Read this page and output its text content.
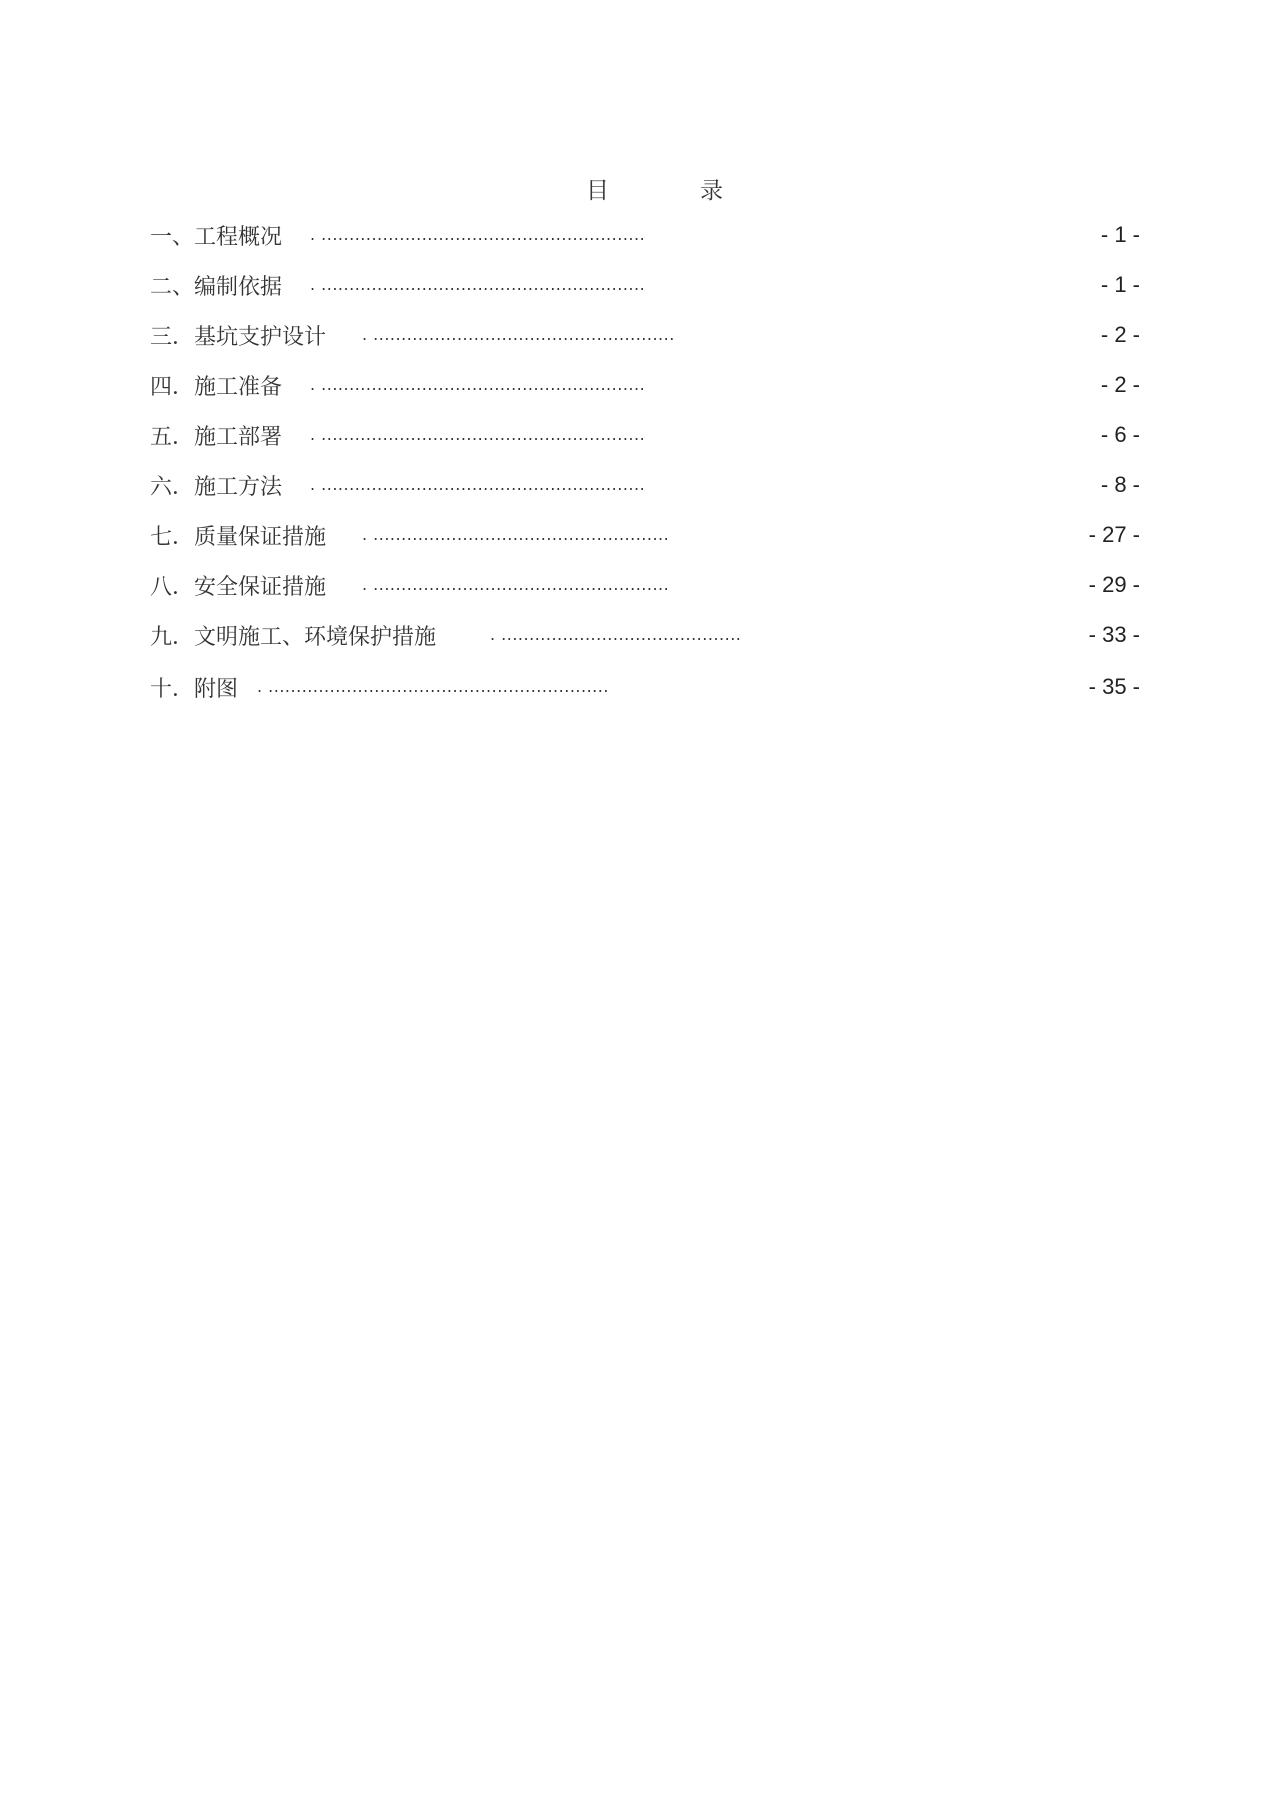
目	录
一、工程概况 . ..........................................................	- 1 -
二、编制依据 . ..........................................................	- 1 -
三．基坑支护设计 . ......................................................	- 2 -
四．施工准备 . ..........................................................	- 2 -
五．施工部署 . ..........................................................	- 6 -
六．施工方法 . ..........................................................	- 8 -
七．质量保证措施 . .....................................................	- 27 -
八．安全保证措施 . .....................................................	- 29 -
九．文明施工、环境保护措施	. ...........................................	- 33 -
十．附图 . .............................................................	- 35 -
